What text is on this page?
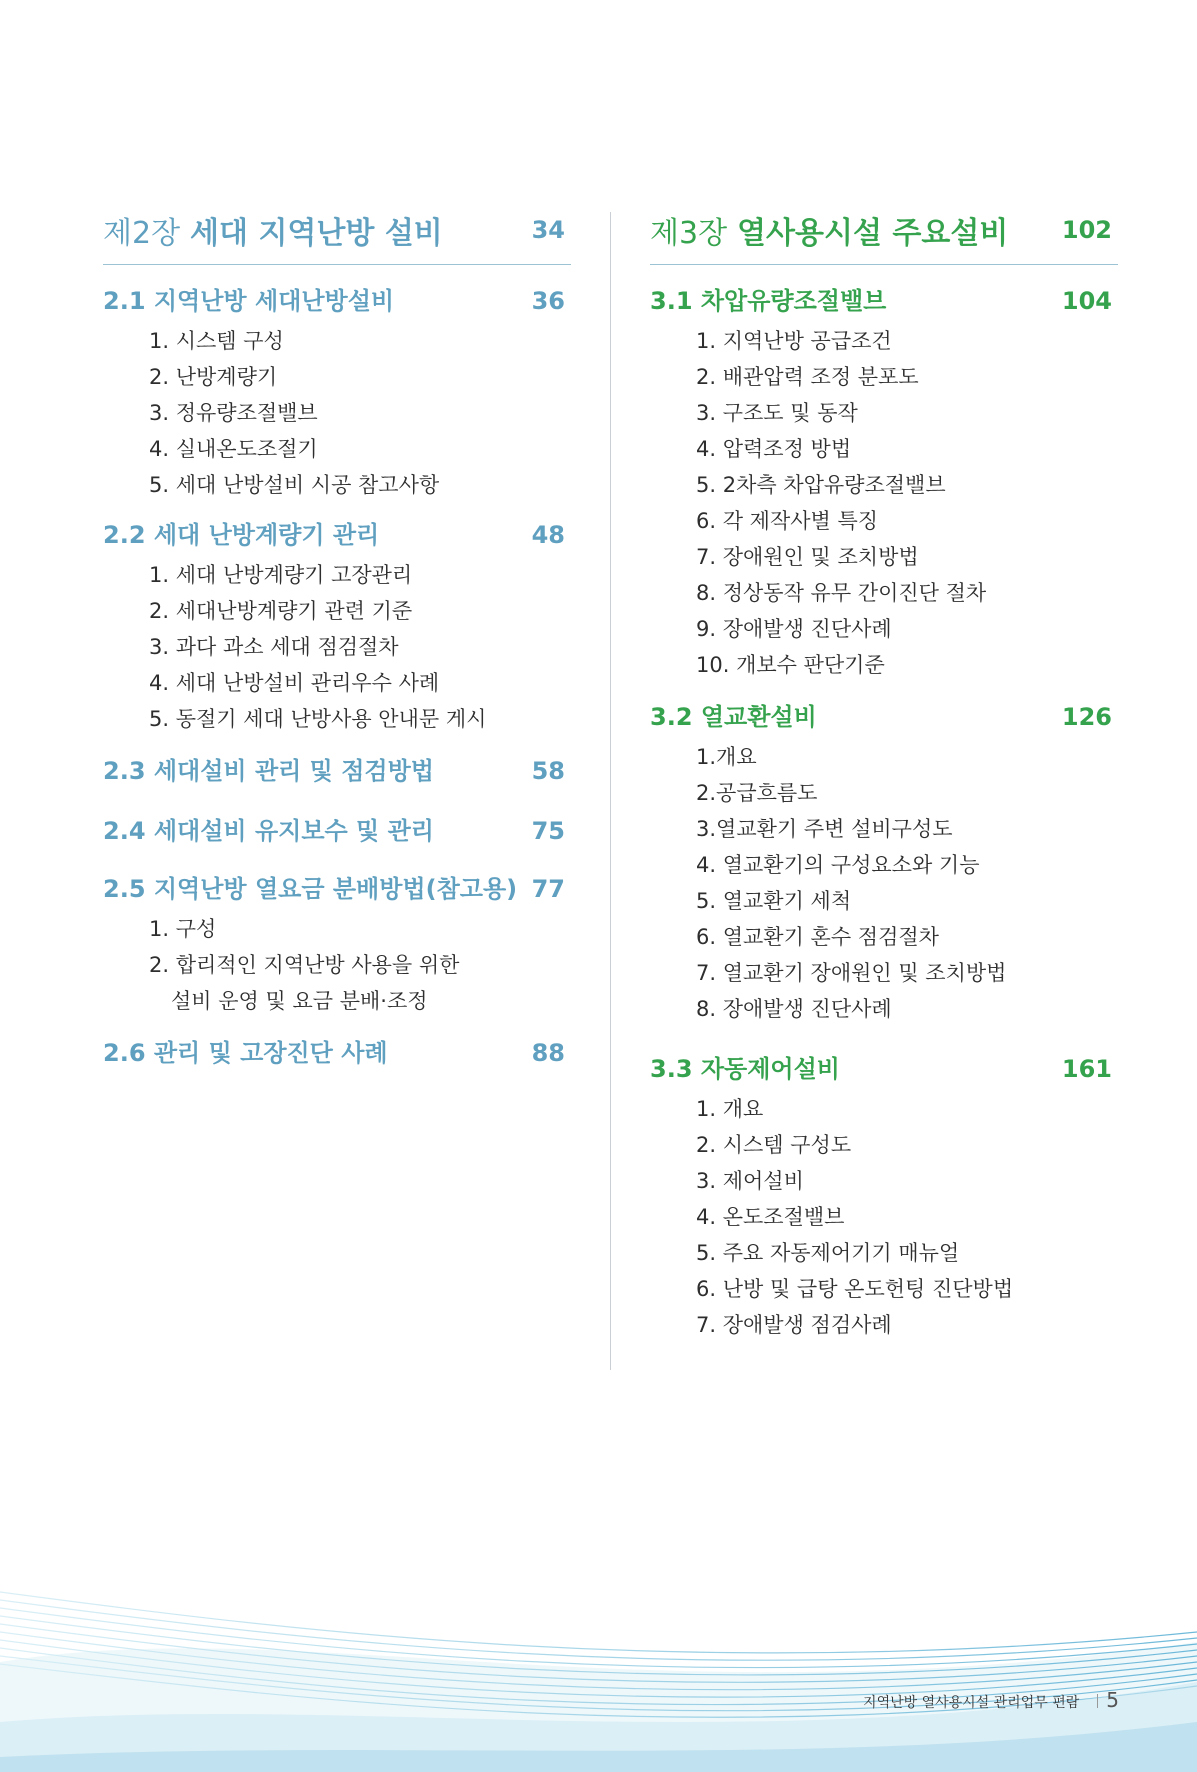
제2장 세대 지역난방 설비	34
2.1 지역난방 세대난방설비	36
1. 시스템 구성
2. 난방계량기
3. 정유량조절밸브
4. 실내온도조절기
5. 세대 난방설비 시공 참고사항
2.2 세대 난방계량기 관리	48
1. 세대 난방계량기 고장관리
2. 세대난방계량기 관련 기준
3. 과다 과소 세대 점검절차
4. 세대 난방설비 관리우수 사례
5. 동절기 세대 난방사용 안내문 게시
2.3 세대설비 관리 및 점검방법	58
2.4 세대설비 유지보수 및 관리	75
2.5 지역난방 열요금 분배방법(참고용) 77
1. 구성
2. 합리적인 지역난방 사용을 위한
설비 운영 및 요금 분배·조정
2.6 관리 및 고장진단 사례	88
제3장 열사용시설 주요설비 102
3.1 차압유량조절밸브	104
1. 지역난방 공급조건
2. 배관압력 조정 분포도
3. 구조도 및 동작
4. 압력조정 방법
5. 2차측 차압유량조절밸브
6. 각 제작사별 특징
7. 장애원인 및 조치방법
8. 정상동작 유무 간이진단 절차
9. 장애발생 진단사례
10. 개보수 판단기준
3.2 열교환설비	126
1.개요
2.공급흐름도
3.열교환기 주변 설비구성도
4. 열교환기의 구성요소와 기능
5. 열교환기 세척
6. 열교환기 혼수 점검절차
7. 열교환기 장애원인 및 조치방법
8. 장애발생 진단사례
3.3 자동제어설비	161
1. 개요
2. 시스템 구성도
3. 제어설비
4. 온도조절밸브
5. 주요 자동제어기기 매뉴얼
6. 난방 및 급탕 온도헌팅 진단방법
7. 장애발생 점검사례
지역난방 열사용시설 관리업무 편람 5
